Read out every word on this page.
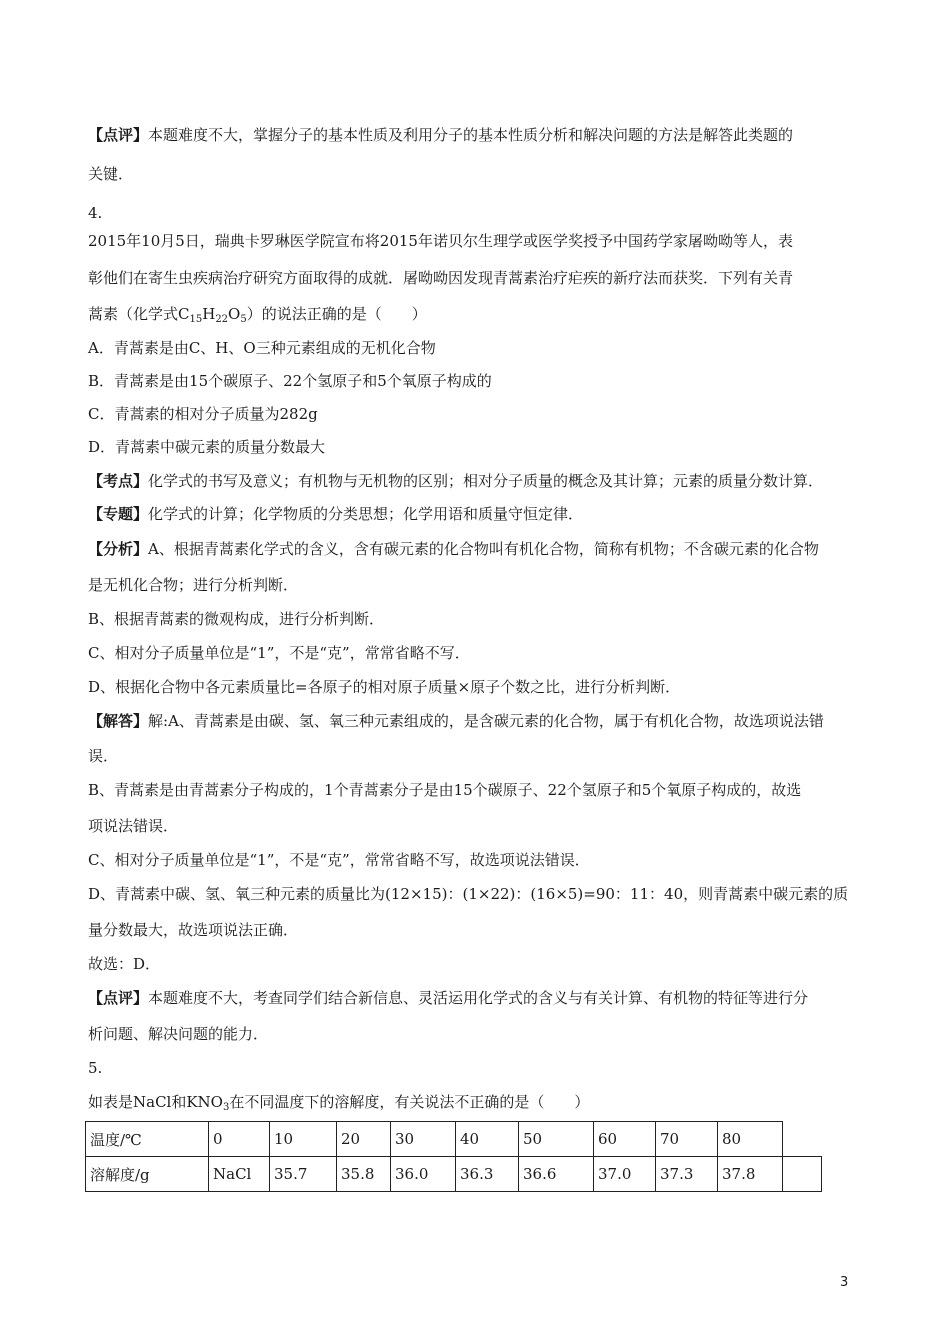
【点评】本题难度不大，掌握分子的基本性质及利用分子的基本性质分析和解决问题的方法是解答此类题的
关键．
4.
2015年10月5日，瑞典卡罗琳医学院宣布将2015年诺贝尔生理学或医学奖授予中国药学家屠呦呦等人，表
彰他们在寄生虫疾病治疗研究方面取得的成就．屠呦呦因发现青蒿素治疗疟疾的新疗法而获奖．下列有关青
蒿素（化学式$C_{15}H_{22}O_5$）的说法正确的是（　　）
A．青蒿素是由C、H、O三种元素组成的无机化合物
B．青蒿素是由15个碳原子、22个氢原子和5个氧原子构成的
C．青蒿素的相对分子质量为282g
D．青蒿素中碳元素的质量分数最大
【考点】化学式的书写及意义；有机物与无机物的区别；相对分子质量的概念及其计算；元素的质量分数计算．
【专题】化学式的计算；化学物质的分类思想；化学用语和质量守恒定律．
【分析】A、根据青蒿素化学式的含义，含有碳元素的化合物叫有机化合物，简称有机物；不含碳元素的化合物
是无机化合物；进行分析判断．
B、根据青蒿素的微观构成，进行分析判断．
C、相对分子质量单位是“1”，不是“克”，常常省略不写．
D、根据化合物中各元素质量比=各原子的相对原子质量×原子个数之比，进行分析判断．
【解答】解:A、青蒿素是由碳、氢、氧三种元素组成的，是含碳元素的化合物，属于有机化合物，故选项说法错
误．
B、青蒿素是由青蒿素分子构成的，1个青蒿素分子是由15个碳原子、22个氢原子和5个氧原子构成的，故选
项说法错误．
C、相对分子质量单位是“1”，不是“克”，常常省略不写，故选项说法错误．
D、青蒿素中碳、氢、氧三种元素的质量比为(12×15)：(1×22)：(16×5)=90：11：40，则青蒿素中碳元素的质
量分数最大，故选项说法正确．
故选：D．
【点评】本题难度不大，考查同学们结合新信息、灵活运用化学式的含义与有关计算、有机物的特征等进行分
析问题、解决问题的能力．
5.
如表是NaCl和$KNO_3$在不同温度下的溶解度，有关说法不正确的是（　　）
温度/℃	0	10	20	30	40	50	60	70	80	
溶解度/g	NaCl	35.7	35.8	36.0	36.3	36.6	37.0	37.3	37.8	
3
